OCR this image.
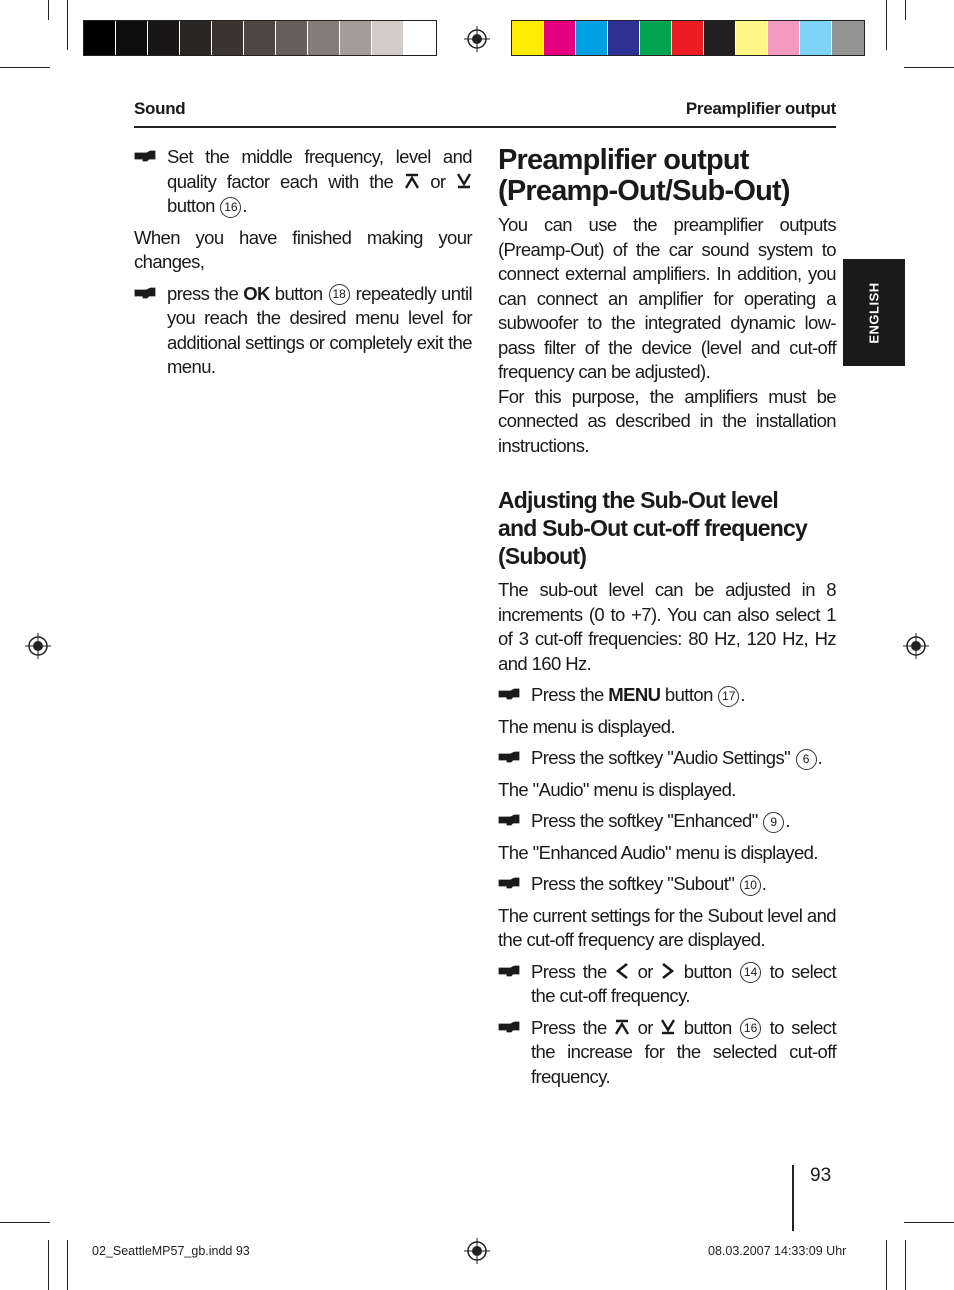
Sound	Preamplifier output
Set the middle frequency, level and quality factor each with the or  button 16 .

When you have finished making your changes,

press the OK button 18 repeatedly until you reach the desired menu level for additional settings or completely exit the menu.
Preamplifier output
(Preamp-Out/Sub-Out)

You can use the preamplifier outputs (Preamp-Out) of the car sound system to connect external amplifiers. In addition, you can connect an amplifier for operating a subwoofer to the integrated dynamic low-pass filter of the device (level and cut-off frequency can be adjusted).

For this purpose, the amplifiers must be connected as described in the installation instructions.

Adjusting the Sub-Out level
and Sub-Out cut-off frequency
(Subout)

The sub-out level can be adjusted in 8 increments (0 to +7). You can also select 1 of 3 cut-off frequencies: 80 Hz, 120 Hz, Hz and 160 Hz.

Press the MENU button 17 .

The menu is displayed.

Press the softkey "Audio Settings" 6 .

The "Audio" menu is displayed.

Press the softkey "Enhanced" 9 .

The "Enhanced Audio" menu is displayed.

Press the softkey "Subout" 10 .

The current settings for the Subout level and the cut-off frequency are displayed.

Press the or button 14 to select the cut-off frequency.
Press the or button 16 to select the increase for the selected cut-off frequency.
ENGLISH
93
02_SeattleMP57_gb.indd 93	08.03.2007 14:33:09 Uhr
